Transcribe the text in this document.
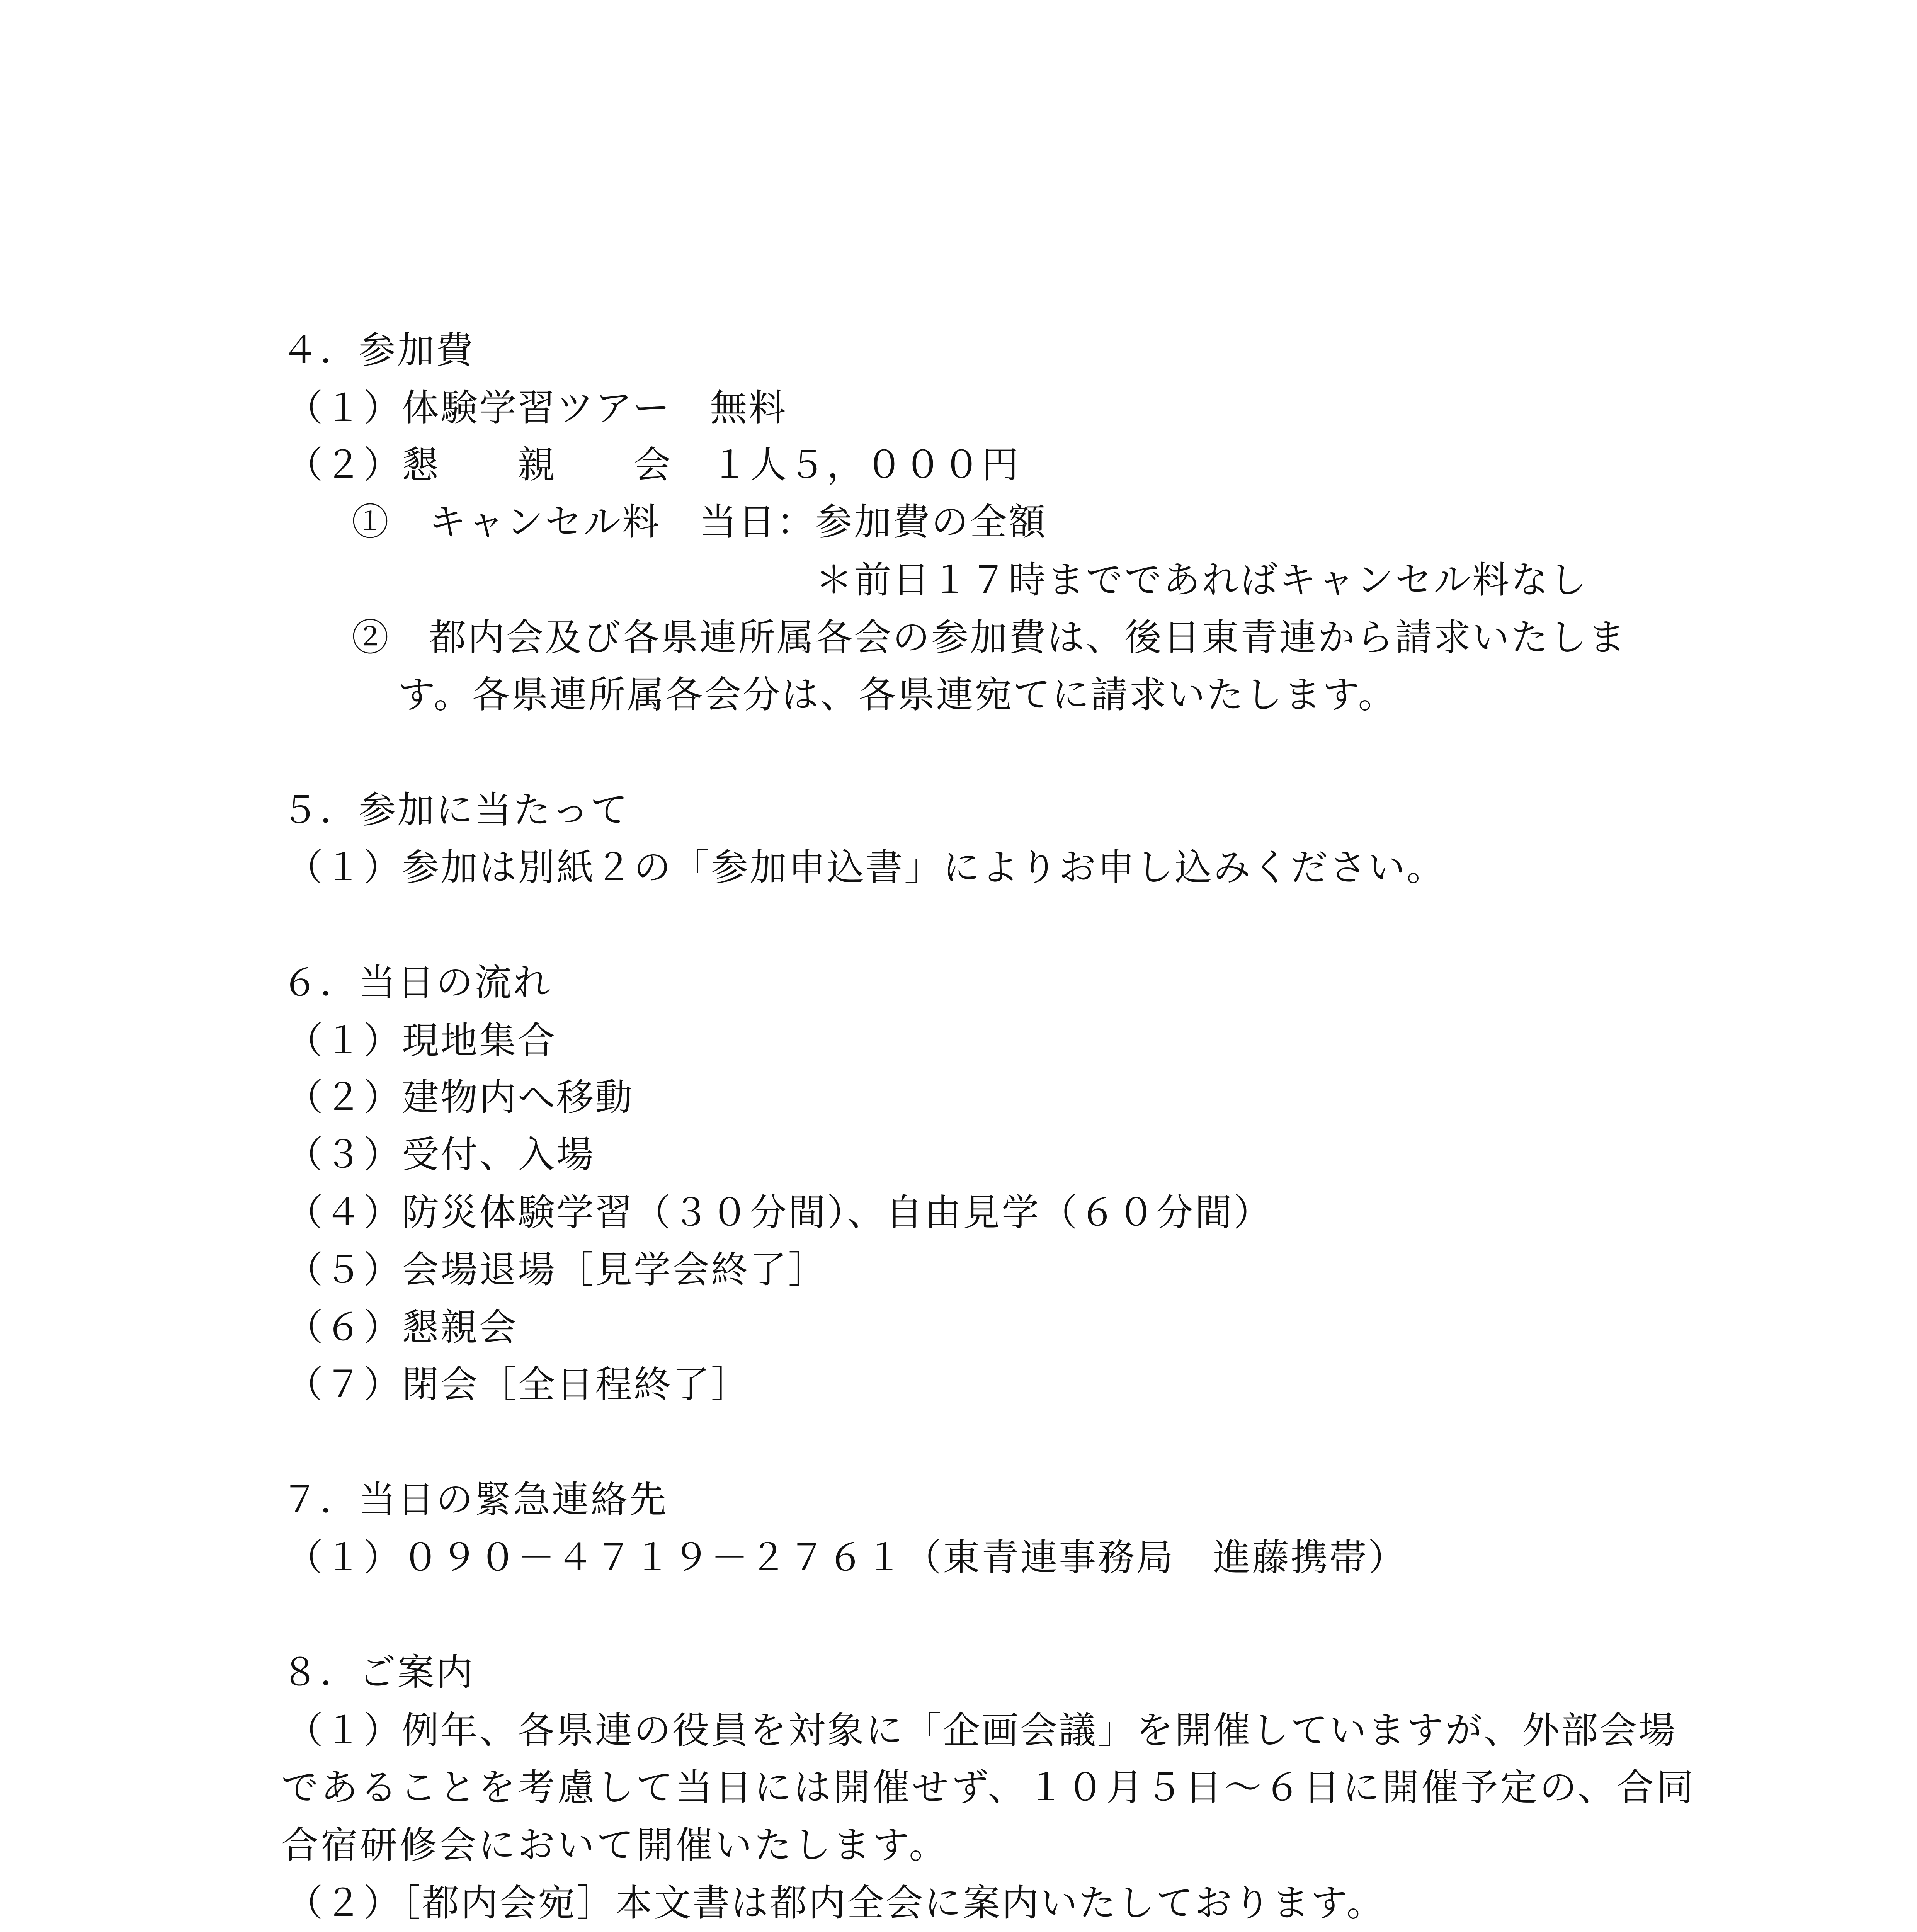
４．参加費
（１）体験学習ツアー　無料
（２）懇　　親　　会　１人５，０００円
①　キャンセル料　当日：参加費の全額
＊前日１７時までであればキャンセル料なし
②　都内会及び各県連所属各会の参加費は、後日東青連から請求いたしま
す。各県連所属各会分は、各県連宛てに請求いたします。
５．参加に当たって
（１）参加は別紙２の「参加申込書」によりお申し込みください。
６．当日の流れ
（１）現地集合
（２）建物内へ移動
（３）受付、入場
（４）防災体験学習（３０分間）、自由見学（６０分間）
（５）会場退場［見学会終了］
（６）懇親会
（７）閉会［全日程終了］
７．当日の緊急連絡先
（１）０９０－４７１９－２７６１（東青連事務局　進藤携帯）
８．ご案内
（１）例年、各県連の役員を対象に「企画会議」を開催していますが、外部会場
であることを考慮して当日には開催せず、１０月５日～６日に開催予定の、合同
合宿研修会において開催いたします。
（２）［都内会宛］本文書は都内全会に案内いたしております。
